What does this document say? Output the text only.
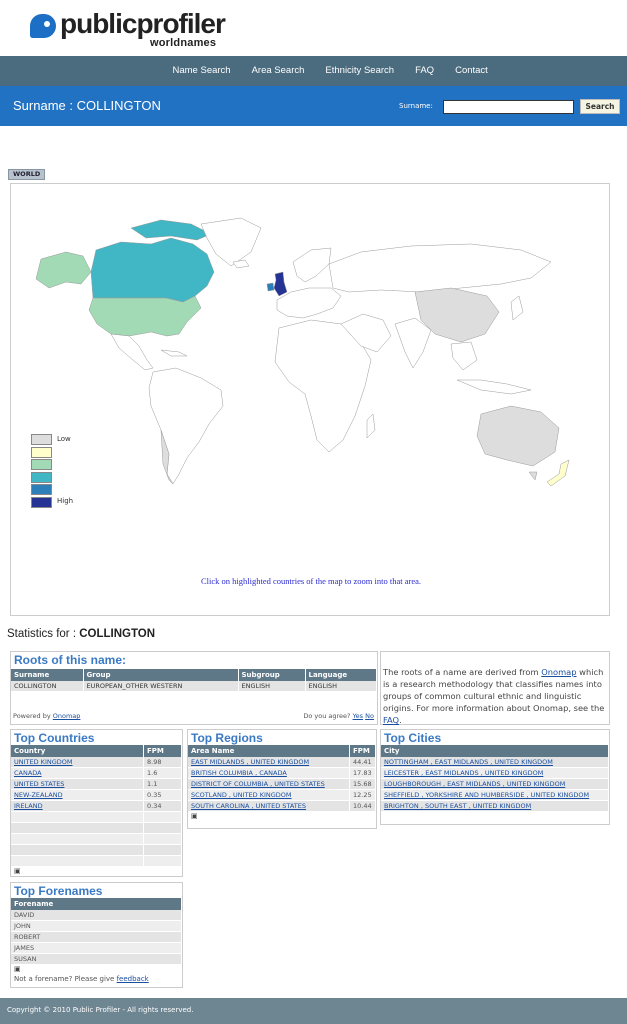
publicprofiler
worldnames
Name Search	Area Search	Ethnicity Search	FAQ	Contact
Surname : COLLINGTON	Surname:	Search
WORLD
Low
High
Click on highlighted countries of the map to zoom into that area.
Statistics for : COLLINGTON
Roots of this name:
Surname	Group	Subgroup	Language
COLLINGTON	EUROPEAN_OTHER WESTERN	ENGLISH	ENGLISH
Powered by Onomap	Do you agree? Yes No
The roots of a name are derived from Onomap which is a research methodology that classifies names into groups of common cultural ethnic and linguistic origins. For more information about Onomap, see the FAQ.
Top Countries
Country	FPM
UNITED KINGDOM	8.98
CANADA	1.6
UNITED STATES	1.1
NEW-ZEALAND	0.35
IRELAND	0.34

▣
Top Regions
Area Name	FPM
EAST MIDLANDS , UNITED KINGDOM	44.41
BRITISH COLUMBIA , CANADA	17.83
DISTRICT OF COLUMBIA , UNITED STATES	15.68
SCOTLAND , UNITED KINGDOM	12.25
SOUTH CAROLINA , UNITED STATES	10.44
▣
Top Cities
City
NOTTINGHAM , EAST MIDLANDS , UNITED KINGDOM
LEICESTER , EAST MIDLANDS , UNITED KINGDOM
LOUGHBOROUGH , EAST MIDLANDS , UNITED KINGDOM
SHEFFIELD , YORKSHIRE AND HUMBERSIDE , UNITED KINGDOM
BRIGHTON , SOUTH EAST , UNITED KINGDOM
Top Forenames
Forename
DAVID
JOHN
ROBERT
JAMES
SUSAN
▣
Not a forename? Please give feedback
Copyright © 2010 Public Profiler - All rights reserved.
